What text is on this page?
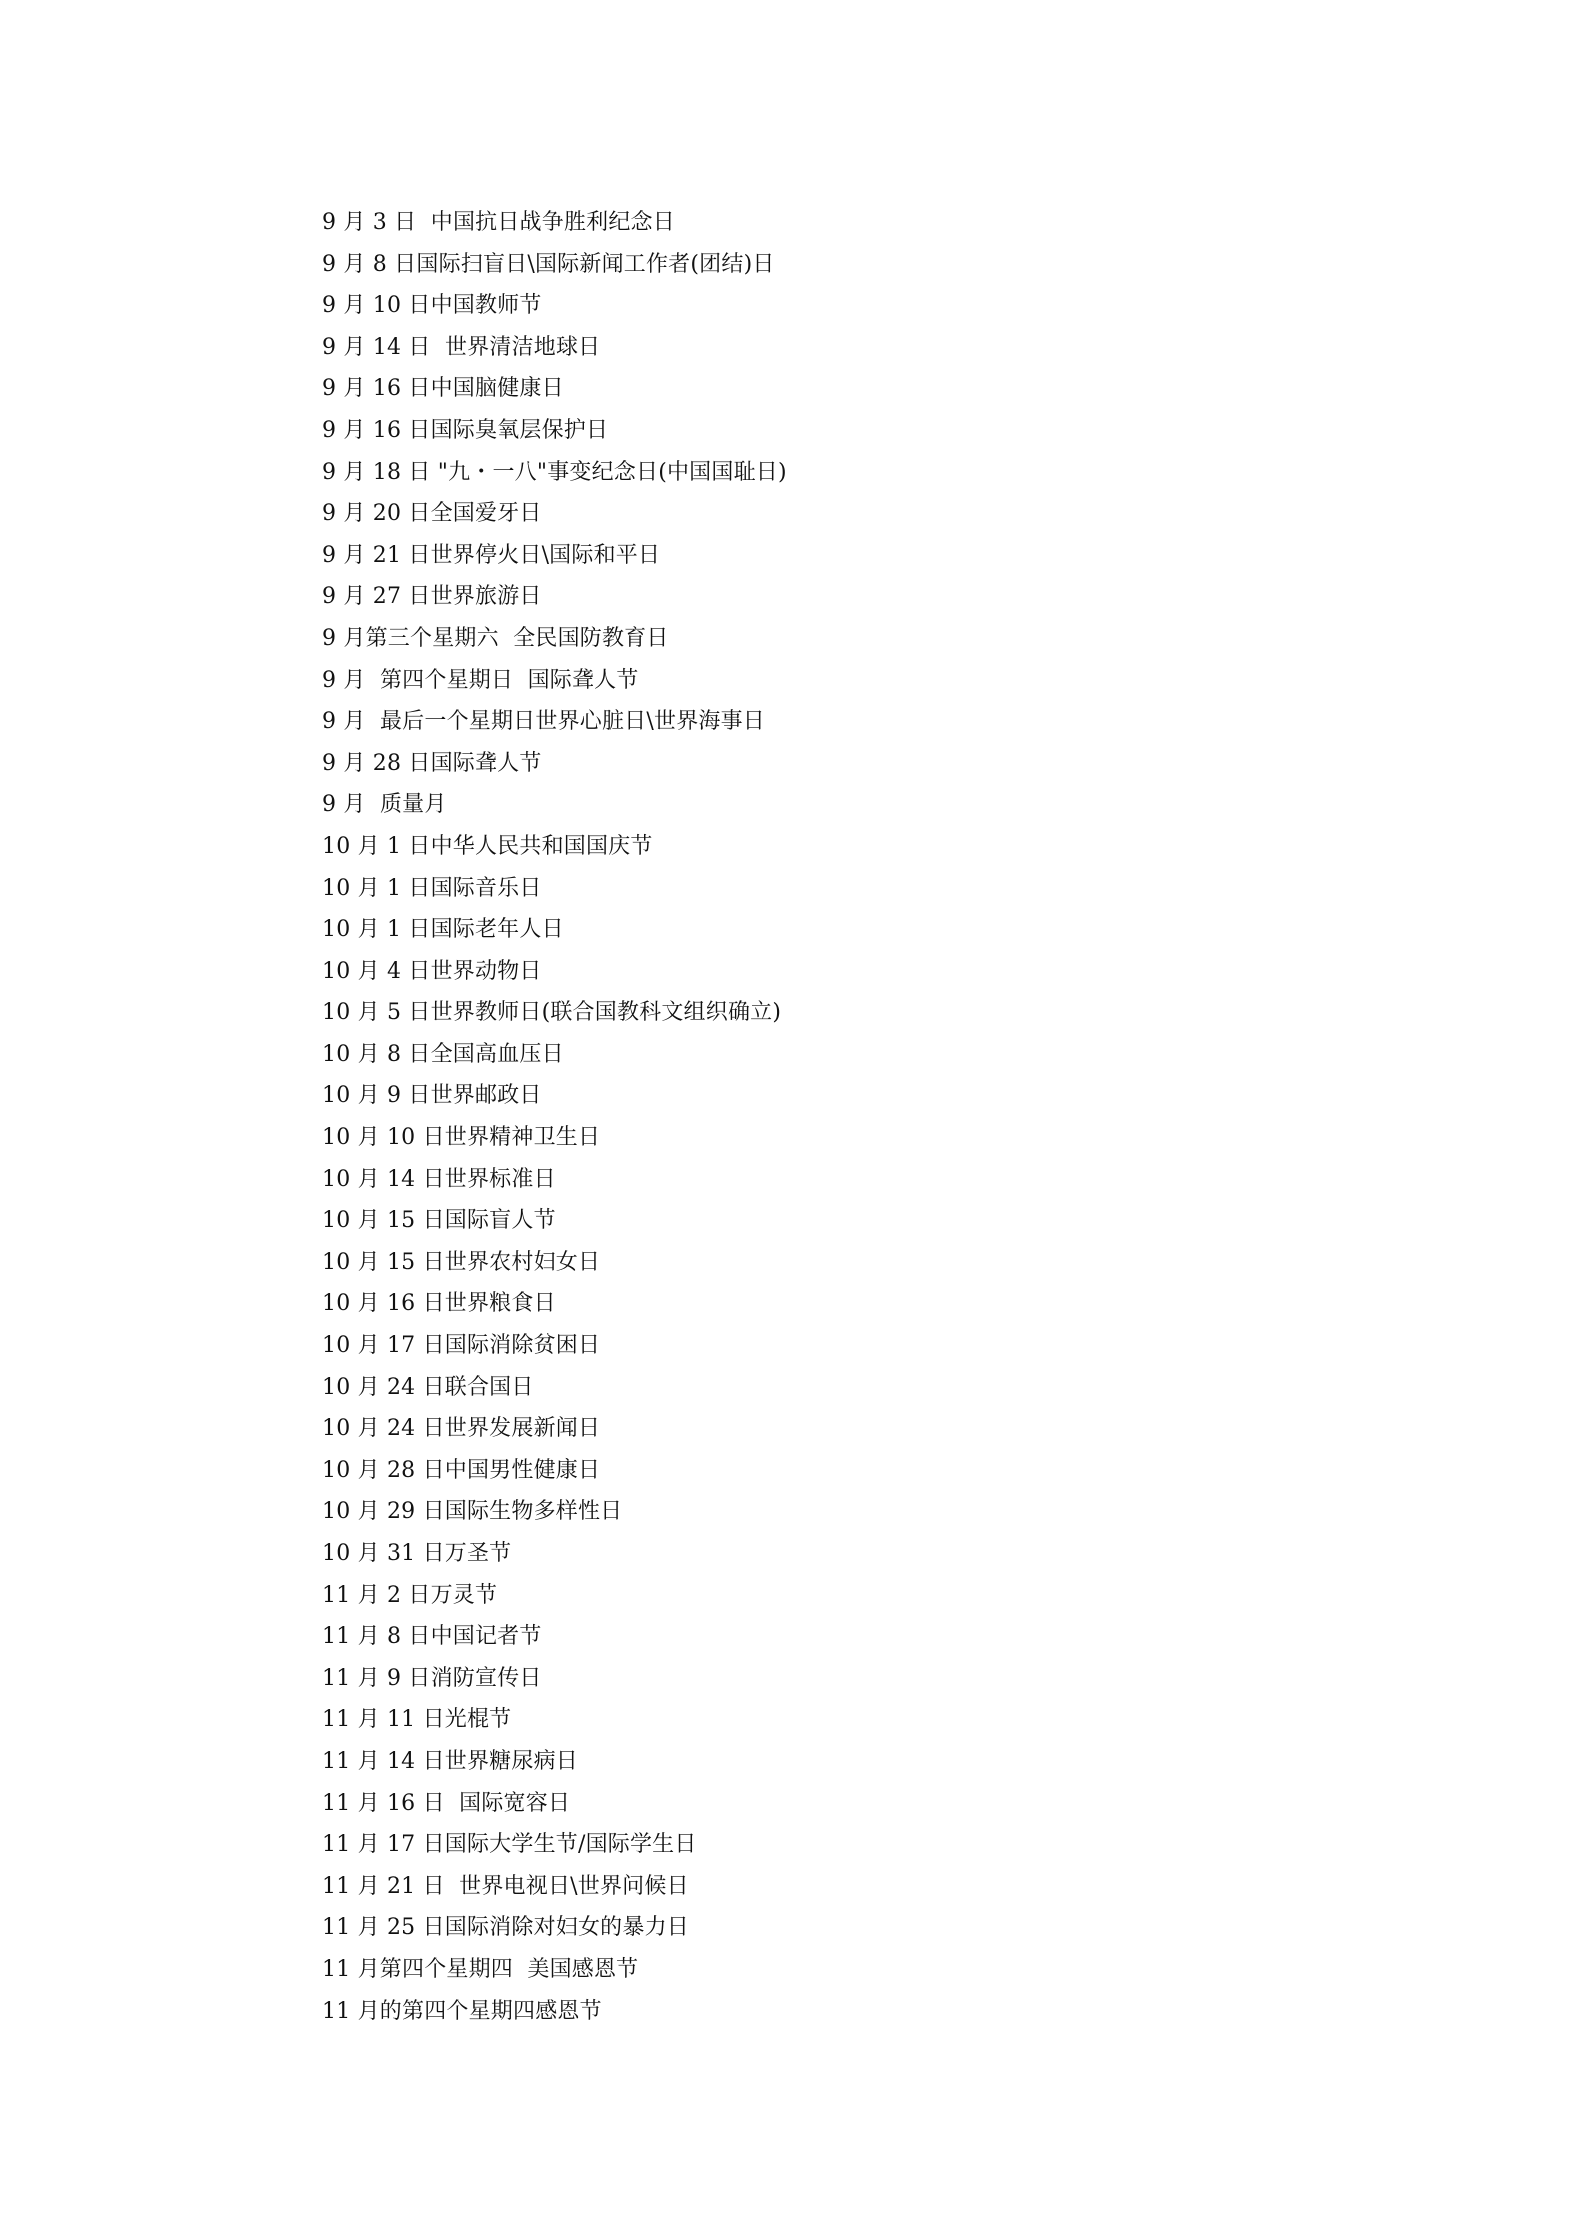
9 月 3 日  中国抗日战争胜利纪念日
9 月 8 日国际扫盲日\国际新闻工作者(团结)日
9 月 10 日中国教师节
9 月 14 日  世界清洁地球日
9 月 16 日中国脑健康日
9 月 16 日国际臭氧层保护日
9 月 18 日 "九・一八"事变纪念日(中国国耻日)
9 月 20 日全国爱牙日
9 月 21 日世界停火日\国际和平日
9 月 27 日世界旅游日
9 月第三个星期六  全民国防教育日
9 月  第四个星期日  国际聋人节
9 月  最后一个星期日世界心脏日\世界海事日
9 月 28 日国际聋人节
9 月  质量月
10 月 1 日中华人民共和国国庆节
10 月 1 日国际音乐日
10 月 1 日国际老年人日
10 月 4 日世界动物日
10 月 5 日世界教师日(联合国教科文组织确立)
10 月 8 日全国高血压日
10 月 9 日世界邮政日
10 月 10 日世界精神卫生日
10 月 14 日世界标准日
10 月 15 日国际盲人节
10 月 15 日世界农村妇女日
10 月 16 日世界粮食日
10 月 17 日国际消除贫困日
10 月 24 日联合国日
10 月 24 日世界发展新闻日
10 月 28 日中国男性健康日
10 月 29 日国际生物多样性日
10 月 31 日万圣节
11 月 2 日万灵节
11 月 8 日中国记者节
11 月 9 日消防宣传日
11 月 11 日光棍节
11 月 14 日世界糖尿病日
11 月 16 日  国际宽容日
11 月 17 日国际大学生节/国际学生日
11 月 21 日  世界电视日\世界问候日
11 月 25 日国际消除对妇女的暴力日
11 月第四个星期四  美国感恩节
11 月的第四个星期四感恩节
